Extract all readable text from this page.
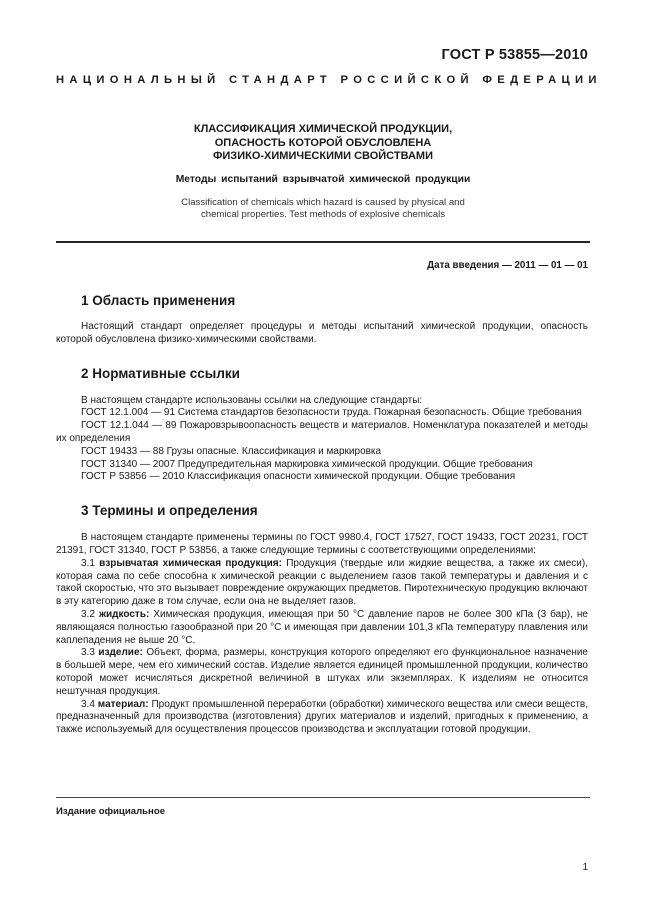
ГОСТ Р 53855—2010
НАЦИОНАЛЬНЫЙ СТАНДАРТ РОССИЙСКОЙ ФЕДЕРАЦИИ
КЛАССИФИКАЦИЯ ХИМИЧЕСКОЙ ПРОДУКЦИИ,
ОПАСНОСТЬ КОТОРОЙ ОБУСЛОВЛЕНА
ФИЗИКО-ХИМИЧЕСКИМИ СВОЙСТВАМИ
Методы испытаний взрывчатой химической продукции
Classification of chemicals which hazard is caused by physical and
chemical properties. Test methods of explosive chemicals
Дата введения — 2011 — 01 — 01
1 Область применения

Настоящий стандарт определяет процедуры и методы испытаний химической продукции, опасность которой обусловлена физико-химическими свойствами.

2 Нормативные ссылки

В настоящем стандарте использованы ссылки на следующие стандарты:

ГОСТ 12.1.004 — 91 Система стандартов безопасности труда. Пожарная безопасность. Общие требования

ГОСТ 12.1.044 — 89 Пожаровзрывоопасность веществ и материалов. Номенклатура показателей и методы их определения

ГОСТ 19433 — 88 Грузы опасные. Классификация и маркировка

ГОСТ 31340 — 2007 Предупредительная маркировка химической продукции. Общие требования

ГОСТ Р 53856 — 2010 Классификация опасности химической продукции. Общие требования

3 Термины и определения

В настоящем стандарте применены термины по ГОСТ 9980.4, ГОСТ 17527, ГОСТ 19433, ГОСТ 20231, ГОСТ 21391, ГОСТ 31340, ГОСТ Р 53856, а также следующие термины с соответствующими определениями:

3.1 взрывчатая химическая продукция: Продукция (твердые или жидкие вещества, а также их смеси), которая сама по себе способна к химической реакции с выделением газов такой температуры и давления и с такой скоростью, что это вызывает повреждение окружающих предметов. Пиротехническую продукцию включают в эту категорию даже в том случае, если она не выделяет газов.

3.2 жидкость: Химическая продукция, имеющая при 50 °С давление паров не более 300 кПа (3 бар), не являющаяся полностью газообразной при 20 °С и имеющая при давлении 101,3 кПа температуру плавления или каплепадения не выше 20 °С.

3.3 изделие: Объект, форма, размеры, конструкция которого определяют его функциональное назначение в большей мере, чем его химический состав. Изделие является единицей промышленной продукции, количество которой может исчисляться дискретной величиной в штуках или экземплярах. К изделиям не относится нештучная продукция.

3.4 материал: Продукт промышленной переработки (обработки) химического вещества или смеси веществ, предназначенный для производства (изготовления) других материалов и изделий, пригодных к применению, а также используемый для осуществления процессов производства и эксплуатации готовой продукции.

Издание официальное
1
